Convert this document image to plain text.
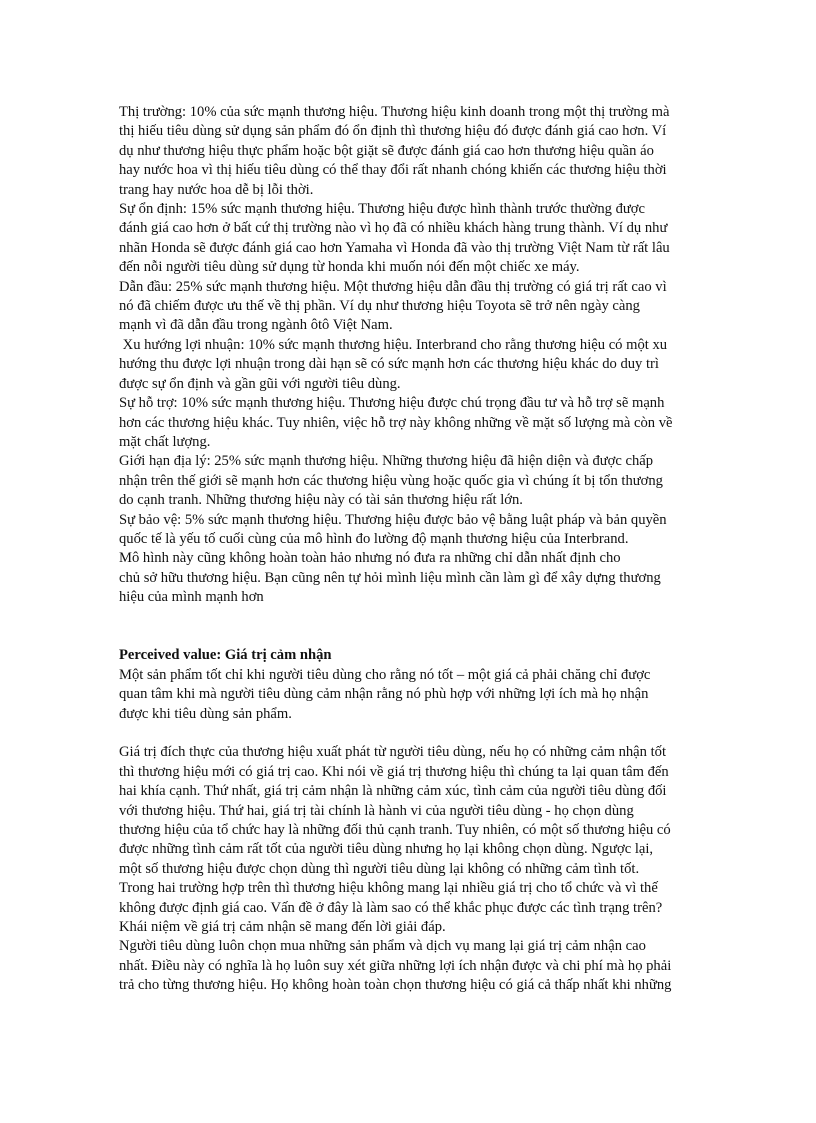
Thị trường: 10% của sức mạnh thương hiệu. Thương hiệu kinh doanh trong một thị trường mà
thị hiếu tiêu dùng sử dụng sản phẩm đó ổn định thì thương hiệu đó được đánh giá cao hơn. Ví
dụ như thương hiệu thực phẩm hoặc bột giặt sẽ được đánh giá cao hơn thương hiệu quần áo
hay nước hoa vì thị hiếu tiêu dùng có thể thay đổi rất nhanh chóng khiến các thương hiệu thời
trang hay nước hoa dễ bị lỗi thời.

Sự ổn định: 15% sức mạnh thương hiệu. Thương hiệu được hình thành trước thường được
đánh giá cao hơn ở bất cứ thị trường nào vì họ đã có nhiều khách hàng trung thành. Ví dụ như
nhãn Honda sẽ được đánh giá cao hơn Yamaha vì Honda đã vào thị trường Việt Nam từ rất lâu
đến nỗi người tiêu dùng sử dụng từ honda khi muốn nói đến một chiếc xe máy.

Dẫn đầu: 25% sức mạnh thương hiệu. Một thương hiệu dẫn đầu thị trường có giá trị rất cao vì
nó đã chiếm được ưu thế về thị phần. Ví dụ như thương hiệu Toyota sẽ trở nên ngày càng
mạnh vì đã dẫn đầu trong ngành ôtô Việt Nam.

Xu hướng lợi nhuận: 10% sức mạnh thương hiệu. Interbrand cho rằng thương hiệu có một xu
hướng thu được lợi nhuận trong dài hạn sẽ có sức mạnh hơn các thương hiệu khác do duy trì
được sự ổn định và gần gũi với người tiêu dùng.

Sự hỗ trợ: 10% sức mạnh thương hiệu. Thương hiệu được chú trọng đầu tư và hỗ trợ sẽ mạnh
hơn các thương hiệu khác. Tuy nhiên, việc hỗ trợ này không những về mặt số lượng mà còn về
mặt chất lượng.

Giới hạn địa lý: 25% sức mạnh thương hiệu. Những thương hiệu đã hiện diện và được chấp
nhận trên thế giới sẽ mạnh hơn các thương hiệu vùng hoặc quốc gia vì chúng ít bị tổn thương
do cạnh tranh. Những thương hiệu này có tài sản thương hiệu rất lớn.

Sự bảo vệ: 5% sức mạnh thương hiệu. Thương hiệu được bảo vệ bằng luật pháp và bản quyền
quốc tế là yếu tố cuối cùng của mô hình đo lường độ mạnh thương hiệu của Interbrand.

Mô hình này cũng không hoàn toàn hảo nhưng nó đưa ra những chỉ dẫn nhất định cho
chủ sở hữu thương hiệu. Bạn cũng nên tự hỏi mình liệu mình cần làm gì để xây dựng thương
hiệu của mình mạnh hơn

Perceived value: Giá trị cảm nhận

Một sản phẩm tốt chỉ khi người tiêu dùng cho rằng nó tốt – một giá cả phải chăng chỉ được
quan tâm khi mà người tiêu dùng cảm nhận rằng nó phù hợp với những lợi ích mà họ nhận
được khi tiêu dùng sản phẩm.

Giá trị đích thực của thương hiệu xuất phát từ người tiêu dùng, nếu họ có những cảm nhận tốt
thì thương hiệu mới có giá trị cao. Khi nói về giá trị thương hiệu thì chúng ta lại quan tâm đến
hai khía cạnh. Thứ nhất, giá trị cảm nhận là những cảm xúc, tình cảm của người tiêu dùng đối
với thương hiệu. Thứ hai, giá trị tài chính là hành vi của người tiêu dùng - họ chọn dùng
thương hiệu của tổ chức hay là những đối thủ cạnh tranh. Tuy nhiên, có một số thương hiệu có
được những tình cảm rất tốt của người tiêu dùng nhưng họ lại không chọn dùng. Ngược lại,
một số thương hiệu được chọn dùng thì người tiêu dùng lại không có những cảm tình tốt.
Trong hai trường hợp trên thì thương hiệu không mang lại nhiều giá trị cho tổ chức và vì thế
không được định giá cao. Vấn đề ở đây là làm sao có thể khắc phục được các tình trạng trên?
Khái niệm về giá trị cảm nhận sẽ mang đến lời giải đáp.

Người tiêu dùng luôn chọn mua những sản phẩm và dịch vụ mang lại giá trị cảm nhận cao
nhất. Điều này có nghĩa là họ luôn suy xét giữa những lợi ích nhận được và chi phí mà họ phải
trả cho từng thương hiệu. Họ không hoàn toàn chọn thương hiệu có giá cả thấp nhất khi những
